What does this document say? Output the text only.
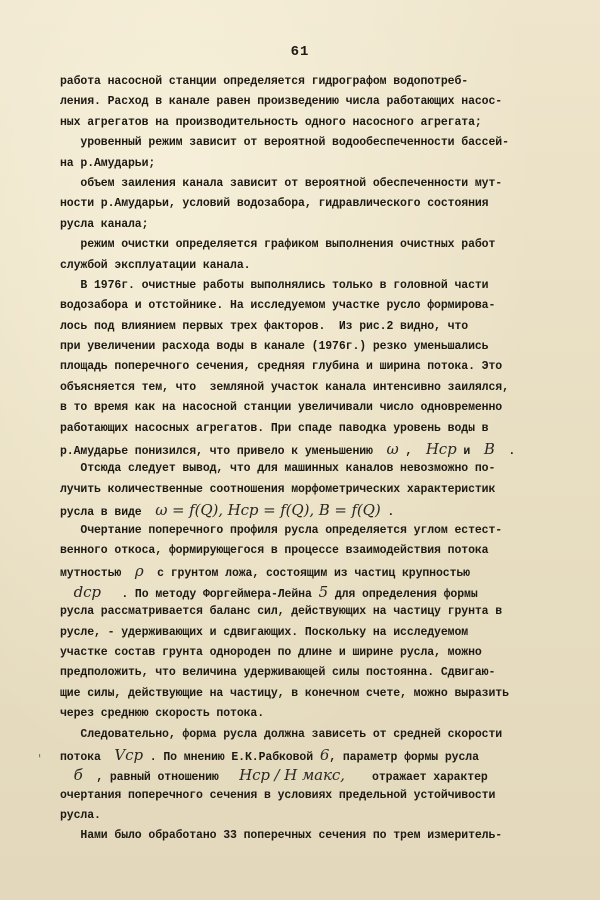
61
работа насосной станции определяется гидрографом водопотреб-
ления. Расход в канале равен произведению числа работающих насос-
ных агрегатов на производительность одного насосного агрегата;
уровенный режим зависит от вероятной водообеспеченности бассей-
на р.Амударьи;
объем заиления канала зависит от вероятной обеспеченности мут-
ности р.Амударьи, условий водозабора, гидравлического состояния
русла канала;
режим очистки определяется графиком выполнения очистных работ
службой эксплуатации канала.
В 1976г. очистные работы выполнялись только в головной части
водозабора и отстойнике. На исследуемом участке русло формирова-
лось под влиянием первых трех факторов.  Из рис.2 видно, что
при увеличении расхода воды в канале (1976г.) резко уменьшались
площадь поперечного сечения, средняя глубина и ширина потока. Это
объясняется тем, что  земляной участок канала интенсивно заилялся,
в то время как на насосной станции увеличивали число одновременно
работающих насосных агрегатов. При спаде паводка уровень воды в
р.Амударье понизился, что привело к уменьшению  ω ,  Hср и  B  .
Отсюда следует вывод, что для машинных каналов невозможно по-
лучить количественные соотношения морфометрических характеристик
русла в виде  ω = f(Q), Hср = f(Q), B = f(Q) .
Очертание поперечного профиля русла определяется углом естест-
венного откоса, формирующегося в процессе взаимодействия потока
мутностью  ρ  с грунтом ложа, состоящим из частиц крупностью
dср   . По методу Форгеймера-Лейна 5 для определения формы
русла рассматривается баланс сил, действующих на частицу грунта в
русле, - удерживающих и сдвигающих. Поскольку на исследуемом
участке состав грунта однороден по длине и ширине русла, можно
предположить, что величина удерживающей силы постоянна. Сдвигаю-
щие силы, действующие на частицу, в конечном счете, можно выразить
через среднюю скорость потока.
Следовательно, форма русла должна зависеть от средней скорости
потока  Vср . По мнению Е.К.Рабковой 6, параметр формы русла
б  , равный отношению   Hср / H макс,    отражает характер
очертания поперечного сечения в условиях предельной устойчивости
русла.
Нами было обработано 33 поперечных сечения по трем измеритель-
'
